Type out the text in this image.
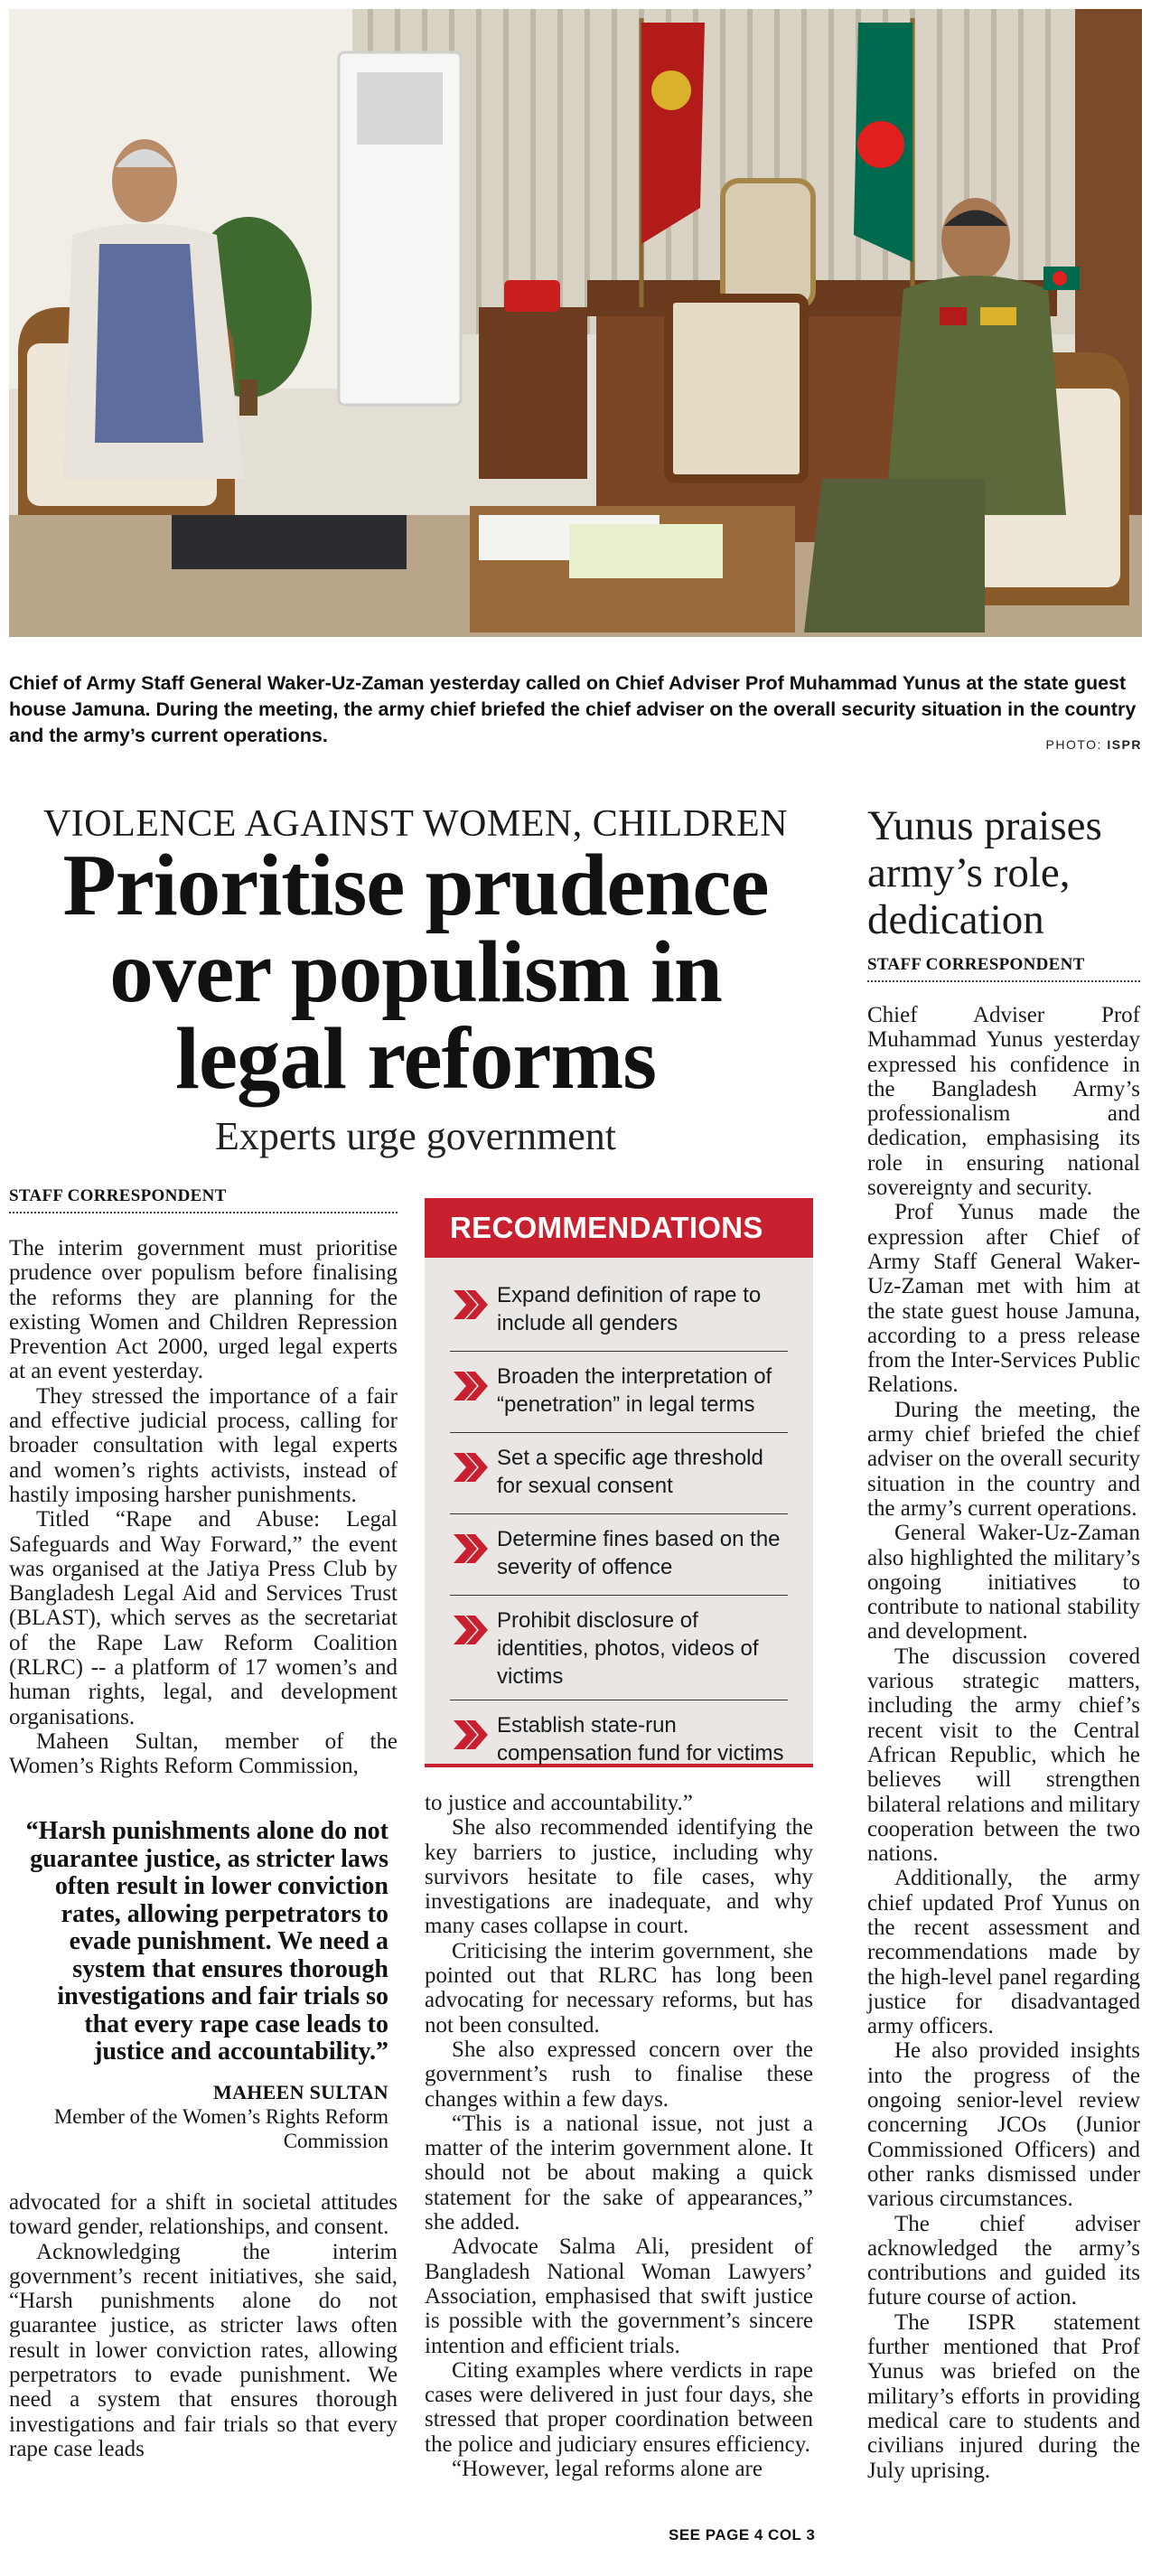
Chief of Army Staff General Waker-Uz-Zaman yesterday called on Chief Adviser Prof Muhammad Yunus at the state guest house Jamuna. During the meeting, the army chief briefed the chief adviser on the overall security situation in the country and the army’s current operations.	PHOTO: ISPR
VIOLENCE AGAINST WOMEN, CHILDREN
Prioritise prudence
over populism in
legal reforms
Experts urge government
STAFF CORRESPONDENT

The interim government must prioritise prudence over populism before finalising the reforms they are planning for the existing Women and Children Repression Prevention Act 2000, urged legal experts at an event yesterday.

They stressed the importance of a fair and effective judicial process, calling for broader consultation with legal experts and women’s rights activists, instead of hastily imposing harsher punishments.

Titled “Rape and Abuse: Legal Safeguards and Way Forward,” the event was organised at the Jatiya Press Club by Bangladesh Legal Aid and Services Trust (BLAST), which serves as the secretariat of the Rape Law Reform Coalition (RLRC) -- a platform of 17 women’s and human rights, legal, and development organisations.

Maheen Sultan, member of the Women’s Rights Reform Commission,

“Harsh punishments alone do not guarantee justice, as stricter laws often result in lower conviction rates, allowing perpetrators to evade punishment. We need a system that ensures thorough investigations and fair trials so that every rape case leads to justice and accountability.”
MAHEEN SULTAN
Member of the Women’s Rights Reform Commission

advocated for a shift in societal attitudes toward gender, relationships, and consent.

Acknowledging the interim government’s recent initiatives, she said, “Harsh punishments alone do not guarantee justice, as stricter laws often result in lower conviction rates, allowing perpetrators to evade punishment. We need a system that ensures thorough investigations and fair trials so that every rape case leads

RECOMMENDATIONS
Expand definition of rape to include all genders
Broaden the interpretation of “penetration” in legal terms
Set a specific age threshold for sexual consent
Determine fines based on the severity of offence
Prohibit disclosure of identities, photos, videos of victims
Establish state-run compensation fund for victims

to justice and accountability.”

She also recommended identifying the key barriers to justice, including why survivors hesitate to file cases, why investigations are inadequate, and why many cases collapse in court.

Criticising the interim government, she pointed out that RLRC has long been advocating for necessary reforms, but has not been consulted.

She also expressed concern over the government’s rush to finalise these changes within a few days.

“This is a national issue, not just a matter of the interim government alone. It should not be about making a quick statement for the sake of appearances,” she added.

Advocate Salma Ali, president of Bangladesh National Woman Lawyers’ Association, emphasised that swift justice is possible with the government’s sincere intention and efficient trials.

Citing examples where verdicts in rape cases were delivered in just four days, she stressed that proper coordination between the police and judiciary ensures efficiency.

“However, legal reforms alone are

SEE PAGE 4 COL 3
Yunus praises army’s role, dedication
STAFF CORRESPONDENT

Chief Adviser Prof Muhammad Yunus yesterday expressed his confidence in the Bangladesh Army’s professionalism and dedication, emphasising its role in ensuring national sovereignty and security.

Prof Yunus made the expression after Chief of Army Staff General Waker-Uz-Zaman met with him at the state guest house Jamuna, according to a press release from the Inter-Services Public Relations.

During the meeting, the army chief briefed the chief adviser on the overall security situation in the country and the army’s current operations.

General Waker-Uz-Zaman also highlighted the military’s ongoing initiatives to contribute to national stability and development.

The discussion covered various strategic matters, including the army chief’s recent visit to the Central African Republic, which he believes will strengthen bilateral relations and military cooperation between the two nations.

Additionally, the army chief updated Prof Yunus on the recent assessment and recommendations made by the high-level panel regarding justice for disadvantaged army officers.

He also provided insights into the progress of the ongoing senior-level review concerning JCOs (Junior Commissioned Officers) and other ranks dismissed under various circumstances.

The chief adviser acknowledged the army’s contributions and guided its future course of action.

The ISPR statement further mentioned that Prof Yunus was briefed on the military’s efforts in providing medical care to students and civilians injured during the July uprising.
